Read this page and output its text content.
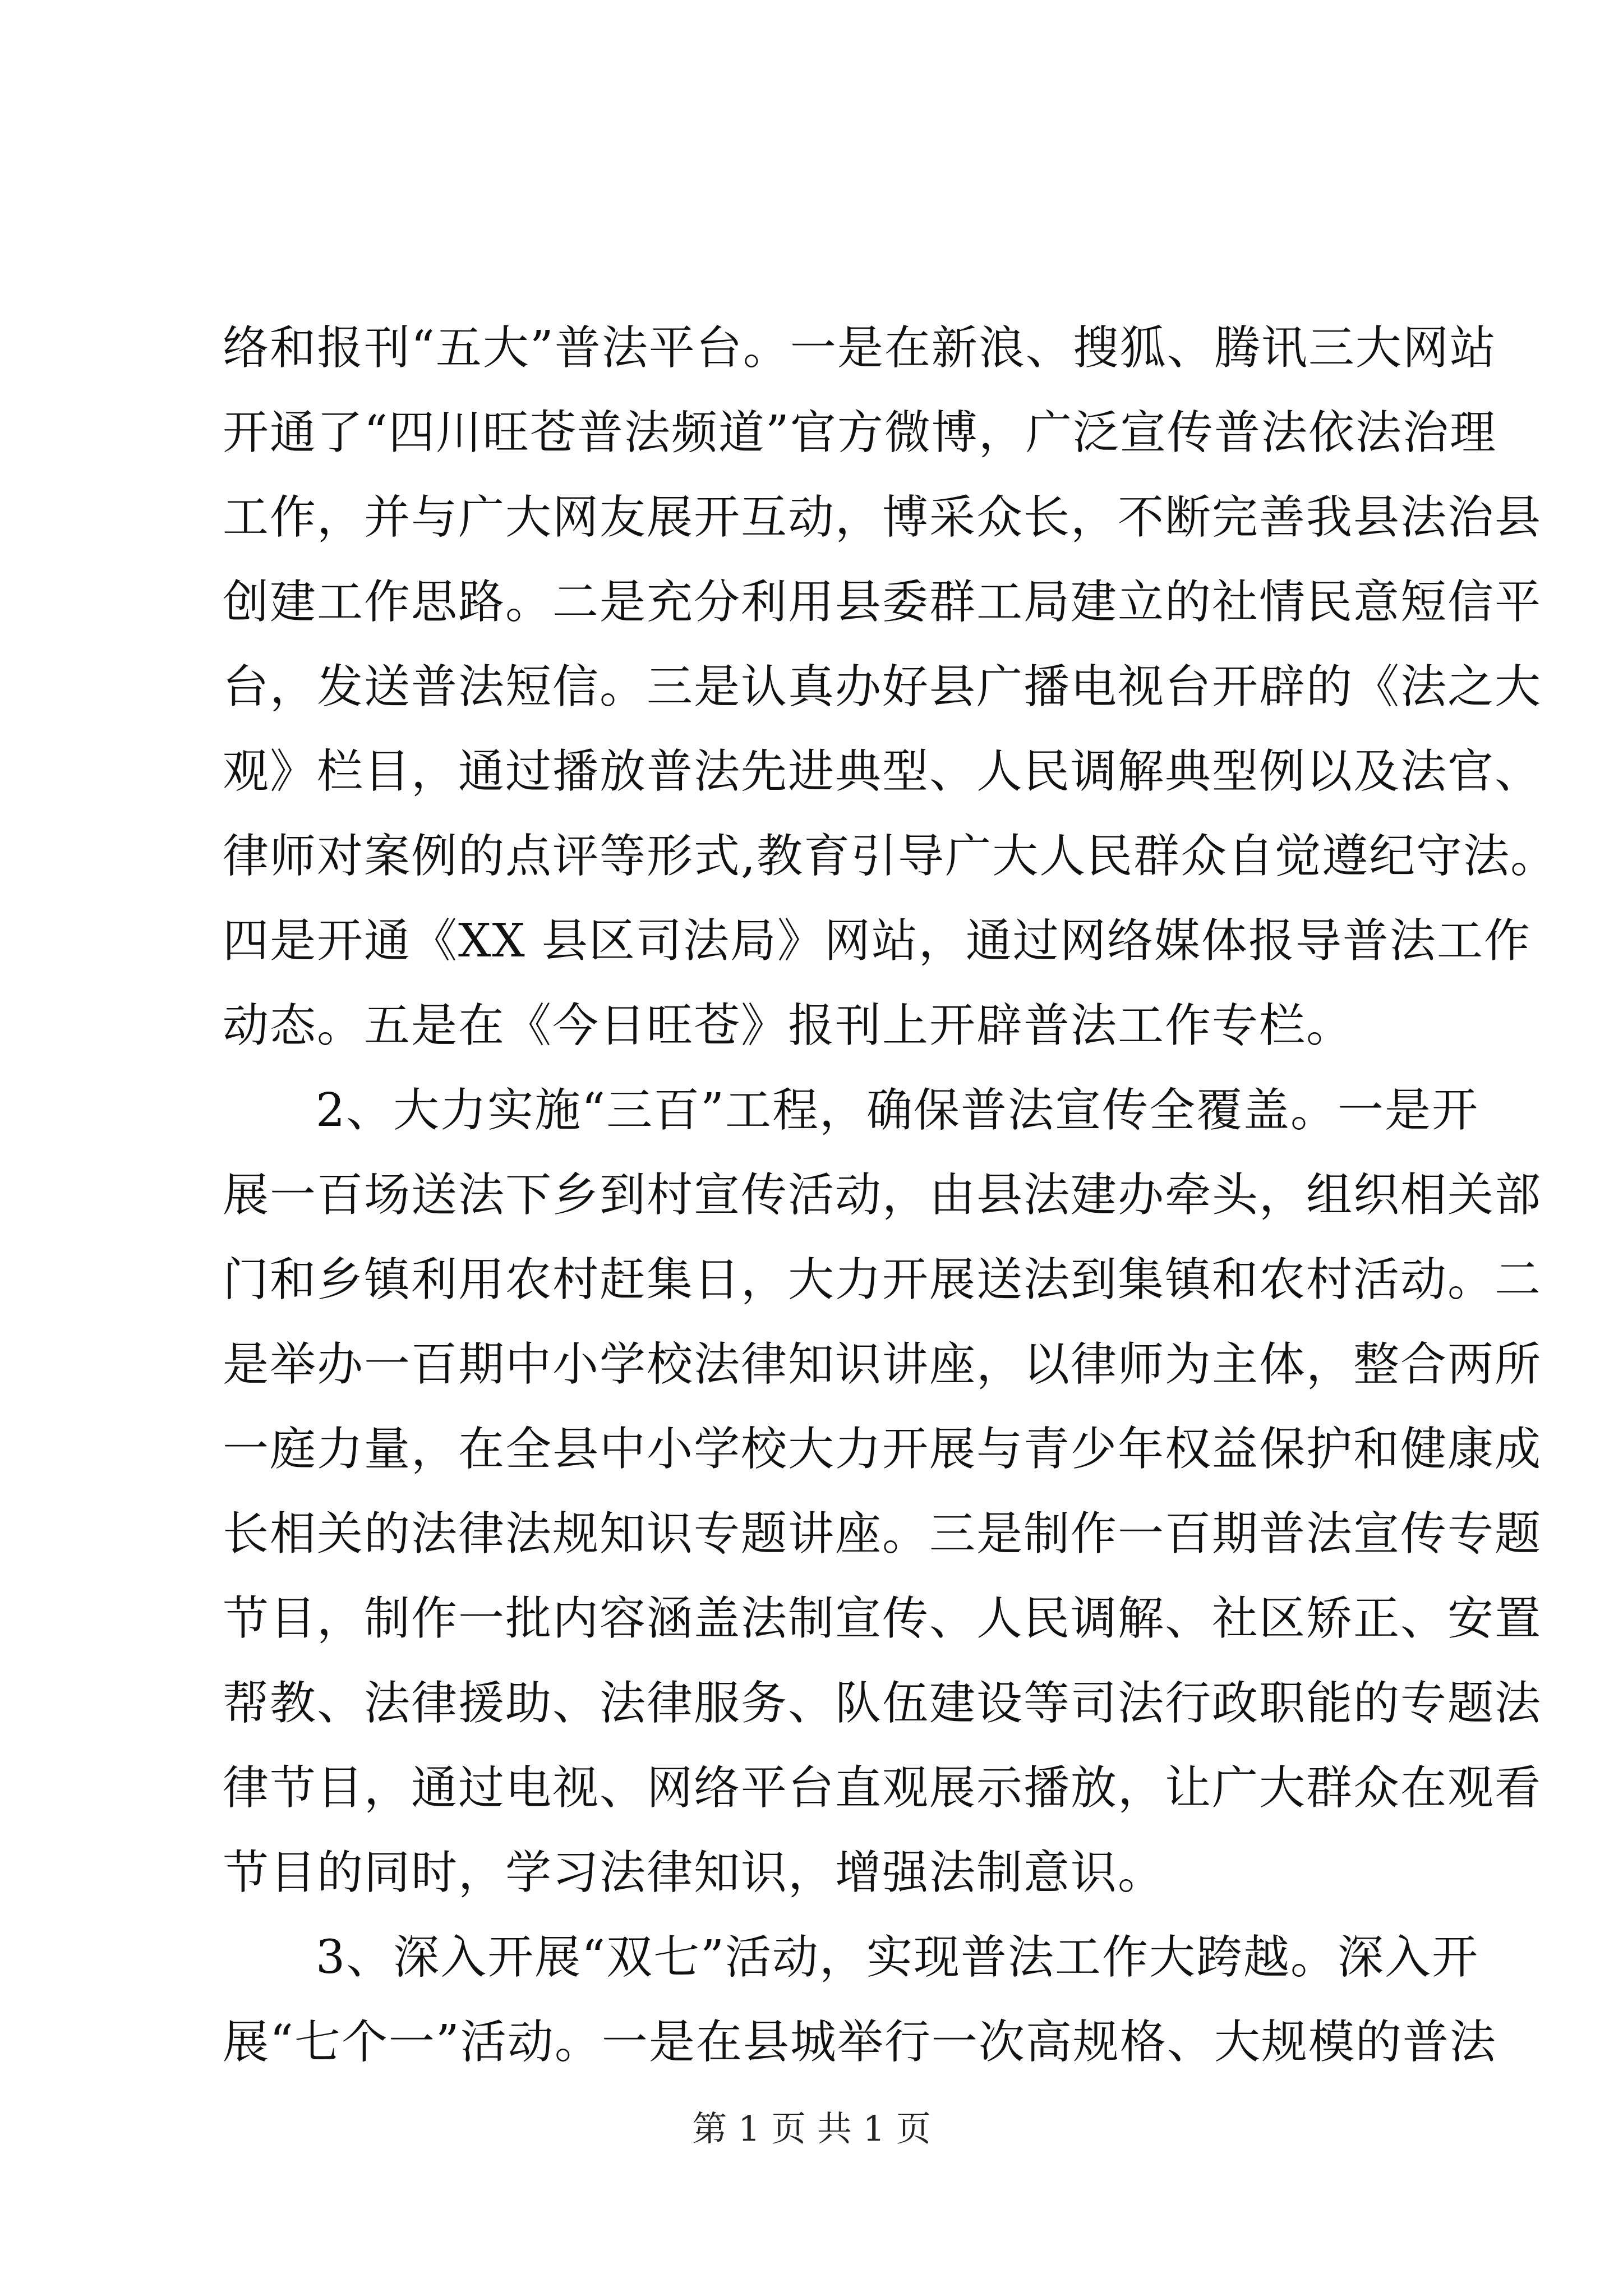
络和报刊“五大”普法平台。一是在新浪、搜狐、腾讯三大网站
开通了“四川旺苍普法频道”官方微博，广泛宣传普法依法治理
工作，并与广大网友展开互动，博采众长，不断完善我县法治县
创建工作思路。二是充分利用县委群工局建立的社情民意短信平
台，发送普法短信。三是认真办好县广播电视台开辟的《法之大
观》栏目，通过播放普法先进典型、人民调解典型例以及法官、
律师对案例的点评等形式,教育引导广大人民群众自觉遵纪守法。
四是开通《XX 县区司法局》网站，通过网络媒体报导普法工作
动态。五是在《今日旺苍》报刊上开辟普法工作专栏。
2、大力实施“三百”工程，确保普法宣传全覆盖。一是开
展一百场送法下乡到村宣传活动，由县法建办牵头，组织相关部
门和乡镇利用农村赶集日，大力开展送法到集镇和农村活动。二
是举办一百期中小学校法律知识讲座，以律师为主体，整合两所
一庭力量，在全县中小学校大力开展与青少年权益保护和健康成
长相关的法律法规知识专题讲座。三是制作一百期普法宣传专题
节目，制作一批内容涵盖法制宣传、人民调解、社区矫正、安置
帮教、法律援助、法律服务、队伍建设等司法行政职能的专题法
律节目，通过电视、网络平台直观展示播放，让广大群众在观看
节目的同时，学习法律知识，增强法制意识。
3、深入开展“双七”活动，实现普法工作大跨越。深入开
展“七个一”活动。一是在县城举行一次高规格、大规模的普法
第 1 页 共 1 页
